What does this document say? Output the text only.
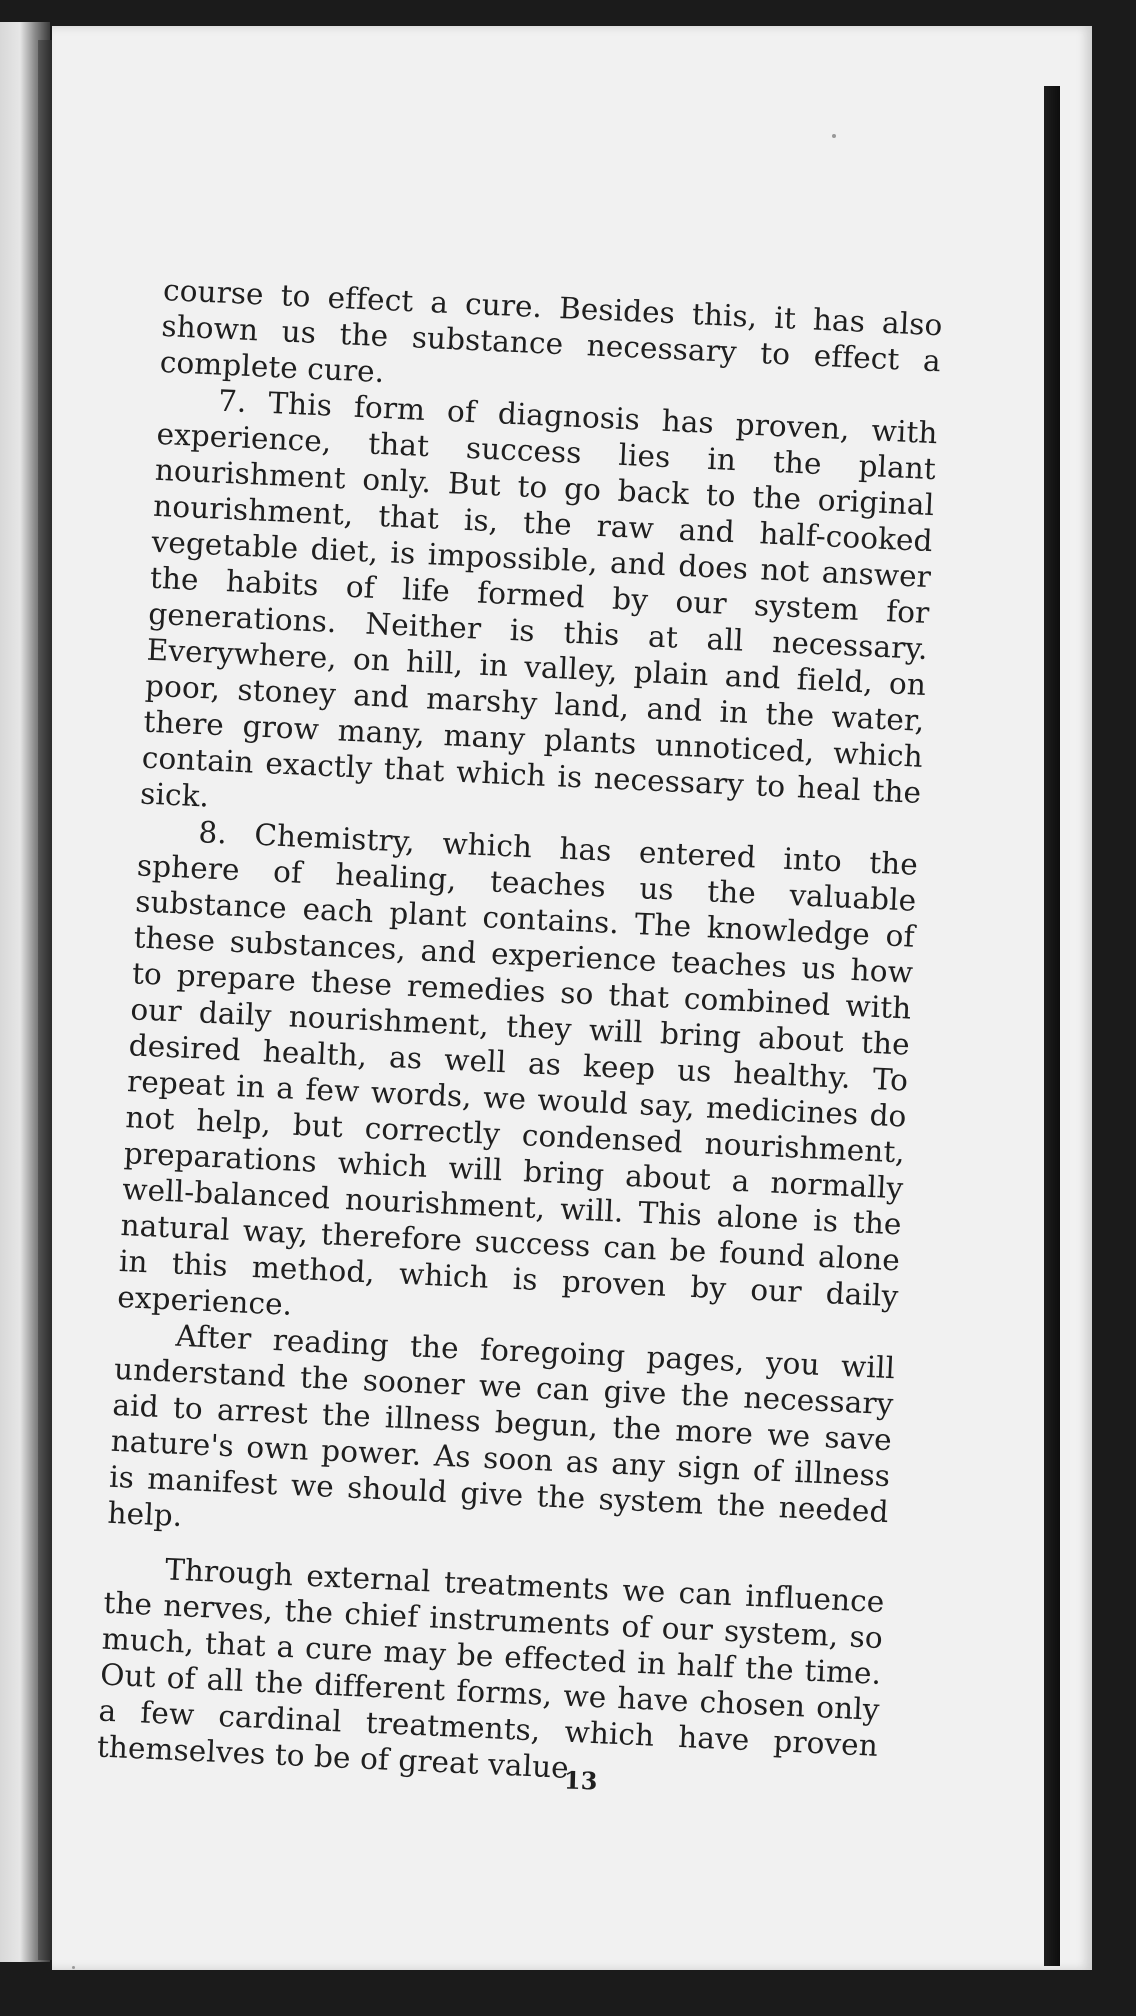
course to effect a cure. Besides this, it has also shown us the substance necessary to effect a complete cure.

7. This form of diagnosis has proven, with experience, that success lies in the plant nourishment only. But to go back to the original nourishment, that is, the raw and half-cooked vegetable diet, is impossible, and does not answer the habits of life formed by our system for generations. Neither is this at all necessary. Everywhere, on hill, in valley, plain and field, on poor, stoney and marshy land, and in the water, there grow many, many plants unnoticed, which contain exactly that which is necessary to heal the sick.

8. Chemistry, which has entered into the sphere of healing, teaches us the valuable substance each plant contains. The knowledge of these substances, and experience teaches us how to prepare these remedies so that combined with our daily nourishment, they will bring about the desired health, as well as keep us healthy. To repeat in a few words, we would say, medicines do not help, but correctly condensed nourishment, preparations which will bring about a normally well-balanced nourishment, will. This alone is the natural way, therefore success can be found alone in this method, which is proven by our daily experience.

After reading the foregoing pages, you will understand the sooner we can give the necessary aid to arrest the illness begun, the more we save nature's own power. As soon as any sign of illness is manifest we should give the system the needed help.

Through external treatments we can influence the nerves, the chief instruments of our system, so much, that a cure may be effected in half the time. Out of all the different forms, we have chosen only a few cardinal treatments, which have proven themselves to be of great value.

13
